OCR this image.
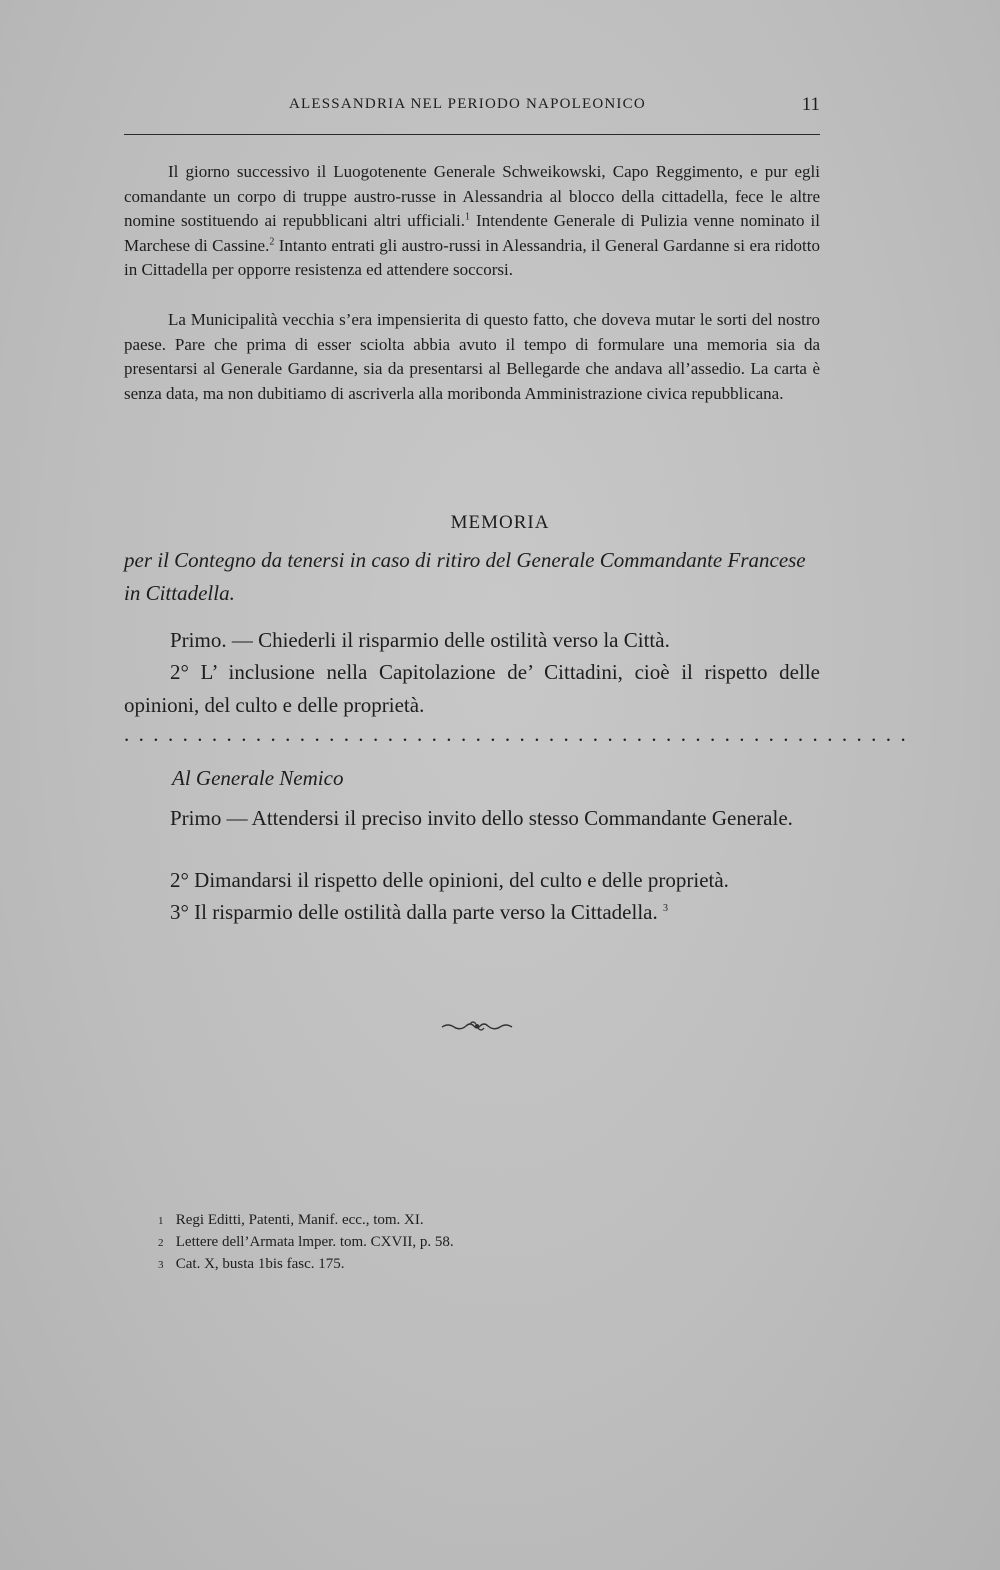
ALESSANDRIA NEL PERIODO NAPOLEONICO	11

Il giorno successivo il Luogotenente Generale Schweikowski, Capo Reggimento, e pur egli comandante un corpo di truppe austro-russe in Alessandria al blocco della cittadella, fece le altre nomine sostituendo ai repubblicani altri ufficiali.$^1$ Intendente Generale di Pulizia venne nominato il Marchese di Cassine.$^2$ Intanto entrati gli austro-russi in Alessandria, il General Gardanne si era ridotto in Cittadella per opporre resistenza ed attendere soccorsi.

La Municipalità vecchia s’era impensierita di questo fatto, che doveva mutar le sorti del nostro paese. Pare che prima di esser sciolta abbia avuto il tempo di formulare una memoria sia da presentarsi al Generale Gardanne, sia da presentarsi al Bellegarde che andava all’assedio. La carta è senza data, ma non dubitiamo di ascriverla alla moribonda Amministrazione civica repubblicana.

MEMORIA

per il Contegno da tenersi in caso di ritiro del Generale Commandante Francese in Cittadella.

Primo. — Chiederli il risparmio delle ostilità verso la Città.

2° L’ inclusione nella Capitolazione de’ Cittadini, cioè il rispetto delle opinioni, del culto e delle proprietà.

......................................................
Al Generale Nemico

Primo — Attendersi il preciso invito dello stesso Commandante Generale.

2° Dimandarsi il rispetto delle opinioni, del culto e delle proprietà.

3° Il risparmio delle ostilità dalla parte verso la Cittadella. $^3$

1 Regi Editti, Patenti, Manif. ecc., tom. XI.
2 Lettere dell’Armata lmper. tom. CXVII, p. 58.
3 Cat. X, busta 1bis fasc. 175.
